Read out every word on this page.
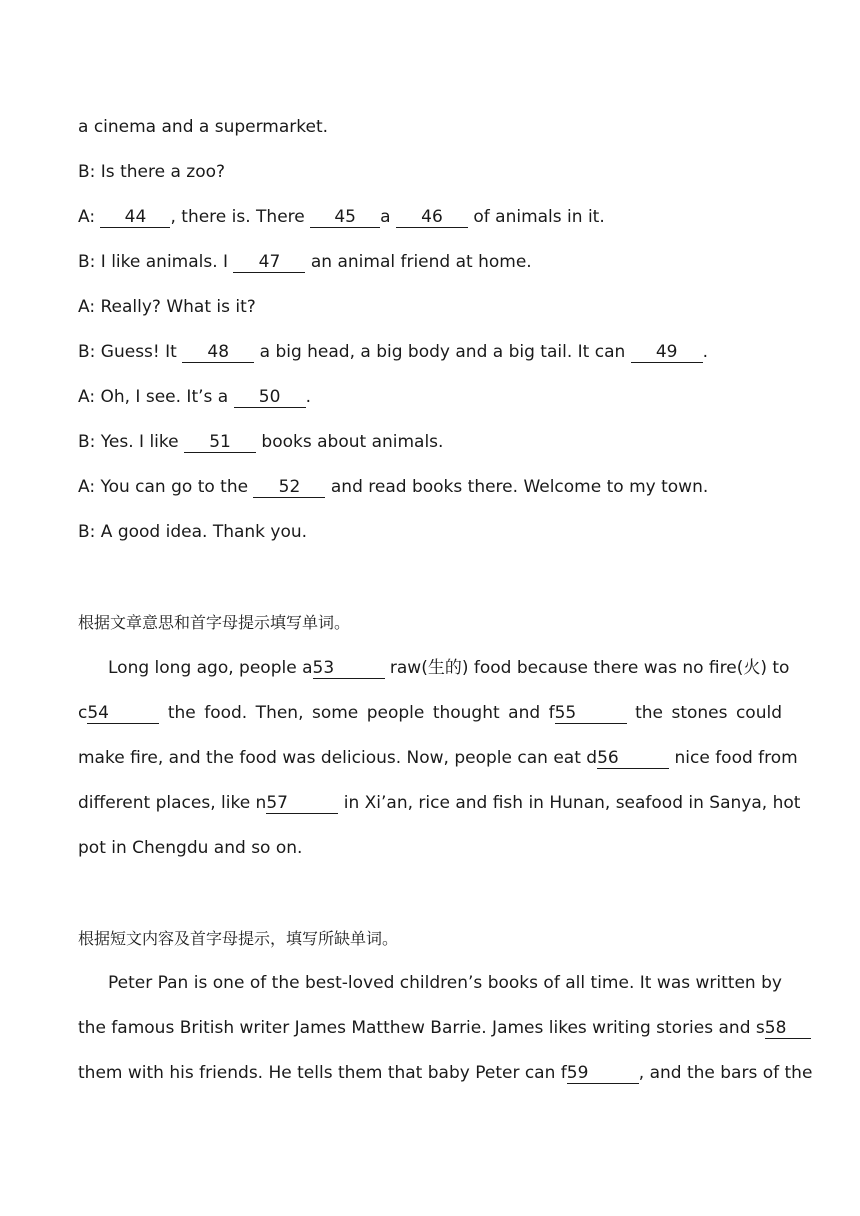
a cinema and a supermarket.
B: Is there a zoo?
A: 44 , there is. There 45 a 46 of animals in it.
B: I like animals. I 47 an animal friend at home.
A: Really? What is it?
B: Guess! It 48 a big head, a big body and a big tail. It can 49 .
A: Oh, I see. It’s a 50 .
B: Yes. I like 51 books about animals.
A: You can go to the 52 and read books there. Welcome to my town.
B: A good idea. Thank you.
根据文章意思和首字母提示填写单词。
Long long ago, people a53	raw(生的) food because there was no fire(火) to
c54	the food. Then, some people thought and f55	the stones could
make fire, and the food was delicious. Now, people can eat d56	nice food from
different places, like n57	in Xi’an, rice and fish in Hunan, seafood in Sanya, hot
pot in Chengdu and so on.
根据短文内容及首字母提示，填写所缺单词。
Peter Pan is one of the best-loved children’s books of all time. It was written by
the famous British writer James Matthew Barrie. James likes writing stories and s58
them with his friends. He tells them that baby Peter can f59	, and the bars of the
